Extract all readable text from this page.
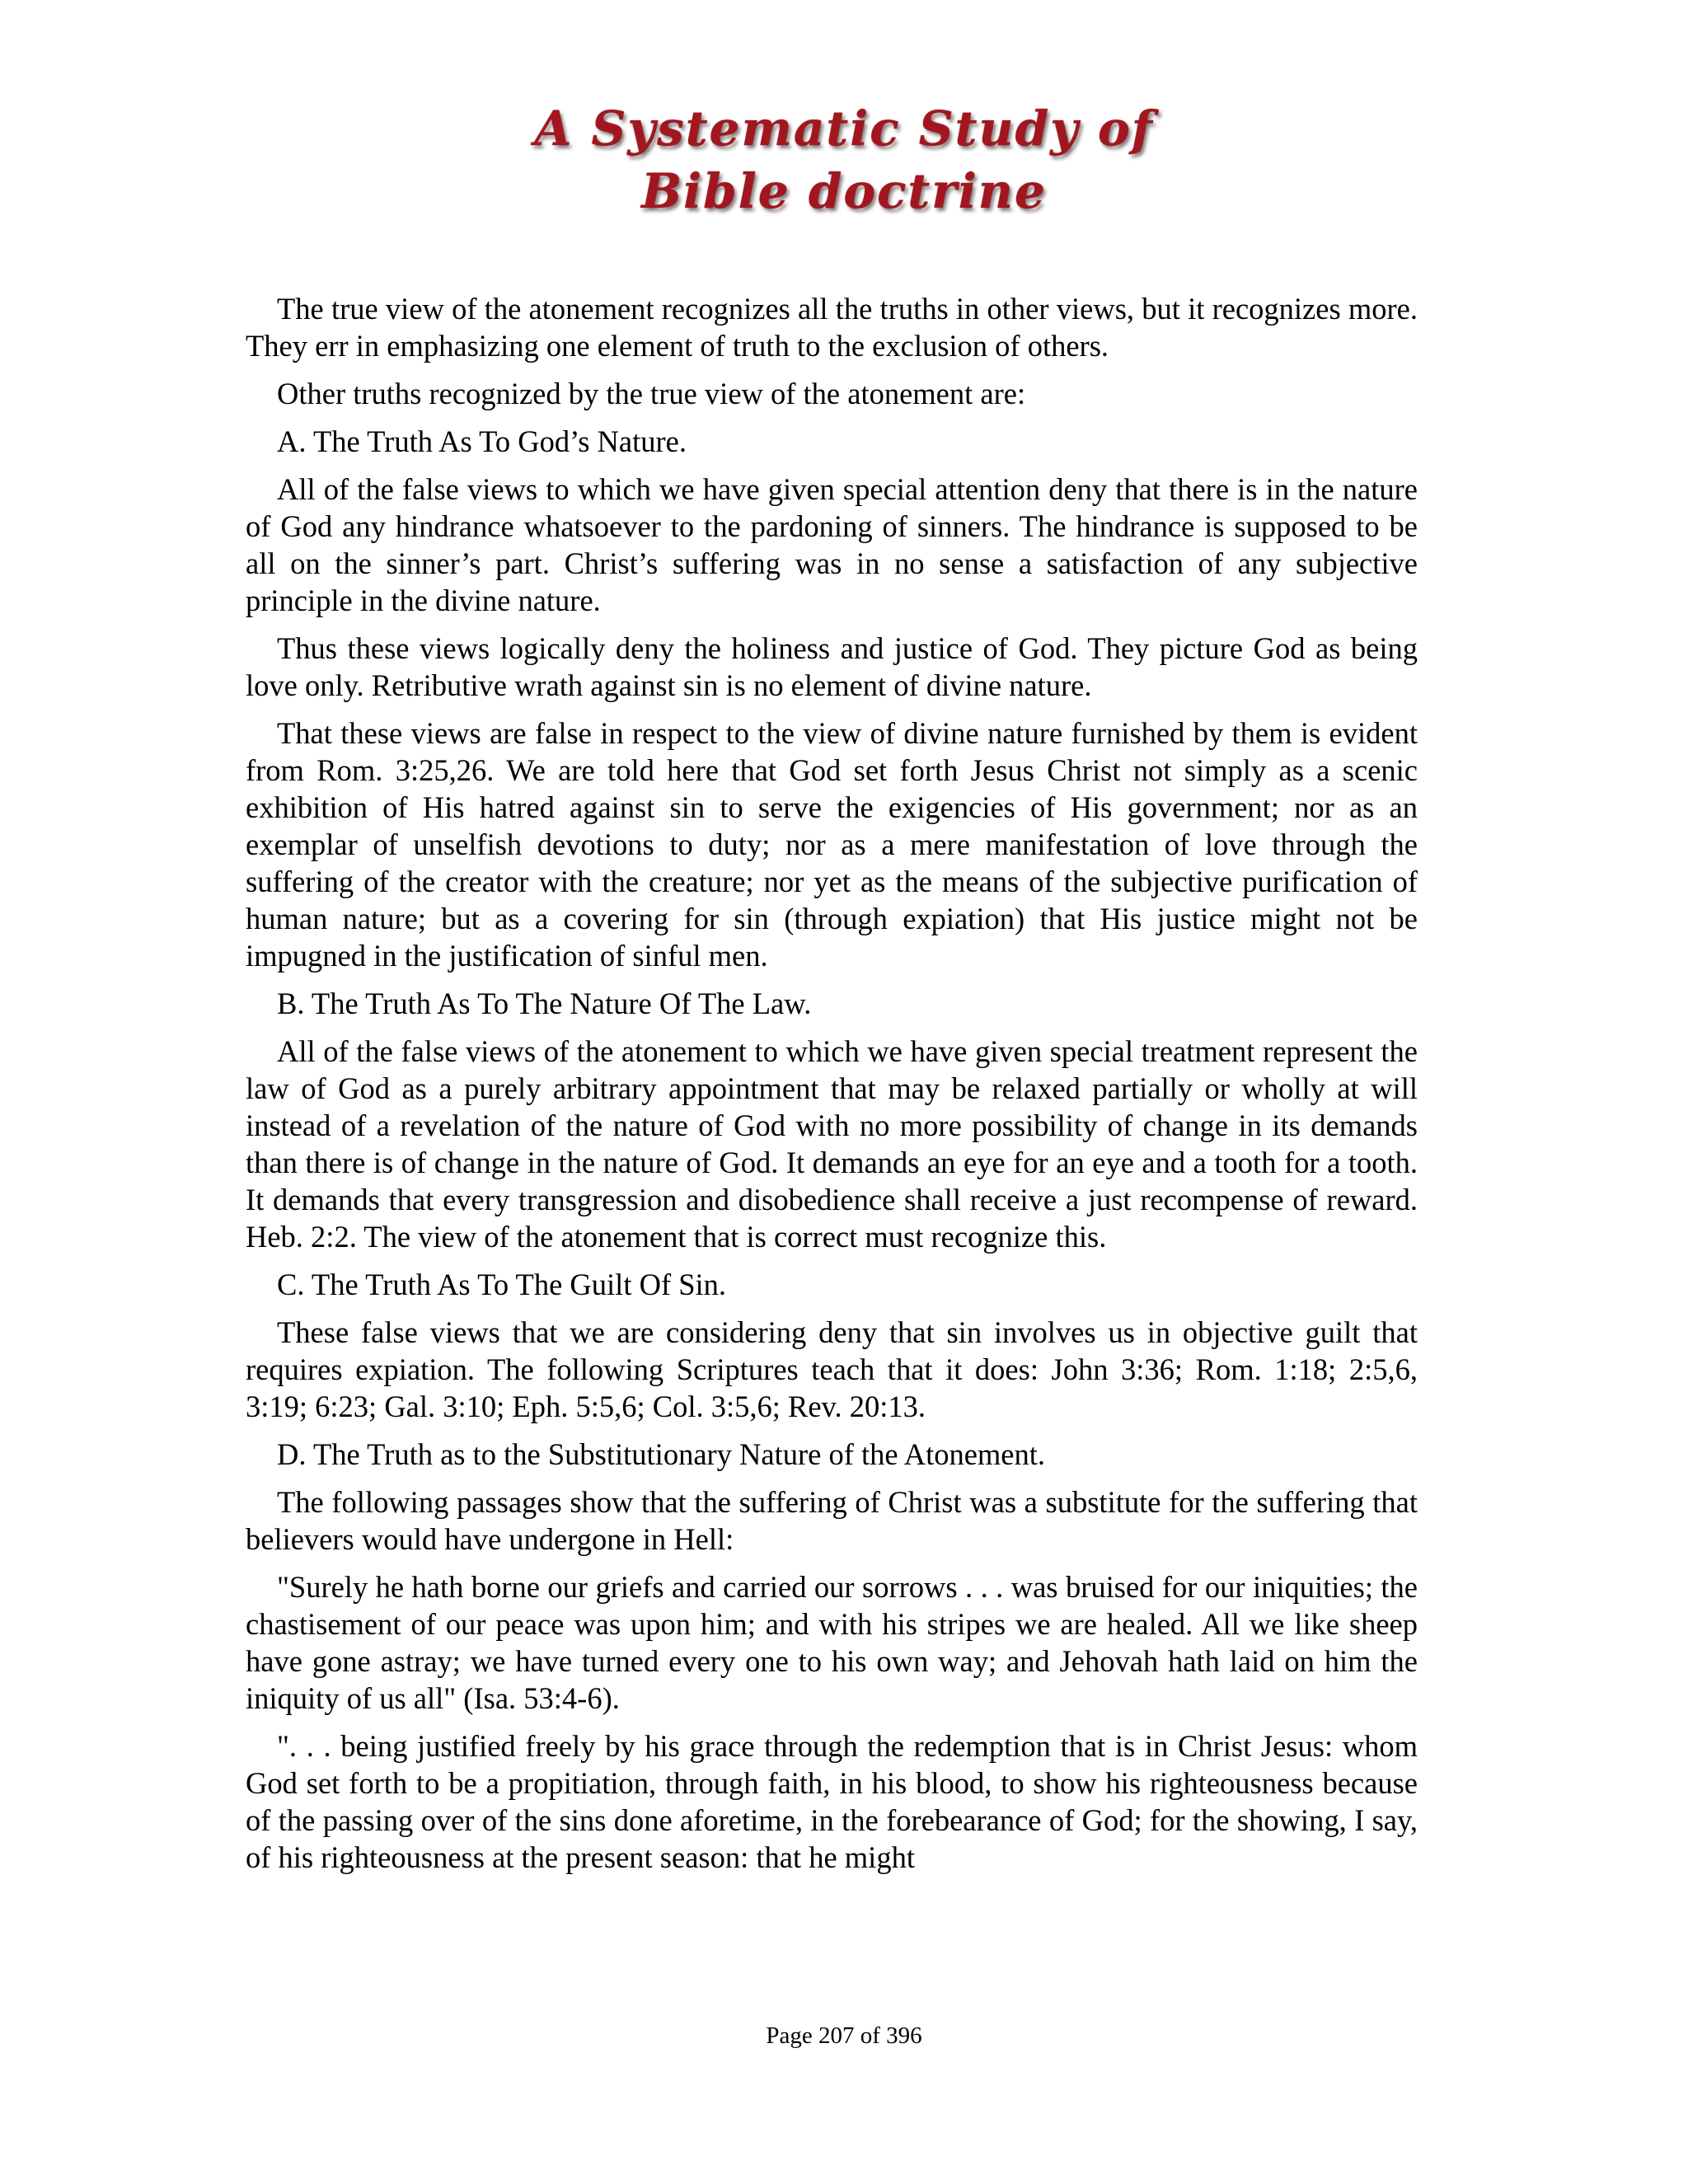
A Systematic Study of
Bible doctrine

The true view of the atonement recognizes all the truths in other views, but it recognizes more. They err in emphasizing one element of truth to the exclusion of others.

Other truths recognized by the true view of the atonement are:

A. The Truth As To God’s Nature.

All of the false views to which we have given special attention deny that there is in the nature of God any hindrance whatsoever to the pardoning of sinners. The hindrance is supposed to be all on the sinner’s part. Christ’s suffering was in no sense a satisfaction of any subjective principle in the divine nature.

Thus these views logically deny the holiness and justice of God. They picture God as being love only. Retributive wrath against sin is no element of divine nature.

That these views are false in respect to the view of divine nature furnished by them is evident from Rom. 3:25,26. We are told here that God set forth Jesus Christ not simply as a scenic exhibition of His hatred against sin to serve the exigencies of His government; nor as an exemplar of unselfish devotions to duty; nor as a mere manifestation of love through the suffering of the creator with the creature; nor yet as the means of the subjective purification of human nature; but as a covering for sin (through expiation) that His justice might not be impugned in the justification of sinful men.

B. The Truth As To The Nature Of The Law.

All of the false views of the atonement to which we have given special treatment represent the law of God as a purely arbitrary appointment that may be relaxed partially or wholly at will instead of a revelation of the nature of God with no more possibility of change in its demands than there is of change in the nature of God. It demands an eye for an eye and a tooth for a tooth. It demands that every transgression and disobedience shall receive a just recompense of reward. Heb. 2:2. The view of the atonement that is correct must recognize this.

C. The Truth As To The Guilt Of Sin.

These false views that we are considering deny that sin involves us in objective guilt that requires expiation. The following Scriptures teach that it does: John 3:36; Rom. 1:18; 2:5,6, 3:19; 6:23; Gal. 3:10; Eph. 5:5,6; Col. 3:5,6; Rev. 20:13.

D. The Truth as to the Substitutionary Nature of the Atonement.

The following passages show that the suffering of Christ was a substitute for the suffering that believers would have undergone in Hell:

"Surely he hath borne our griefs and carried our sorrows . . . was bruised for our iniquities; the chastisement of our peace was upon him; and with his stripes we are healed. All we like sheep have gone astray; we have turned every one to his own way; and Jehovah hath laid on him the iniquity of us all" (Isa. 53:4-6).

". . . being justified freely by his grace through the redemption that is in Christ Jesus: whom God set forth to be a propitiation, through faith, in his blood, to show his righteousness because of the passing over of the sins done aforetime, in the forebearance of God; for the showing, I say, of his righteousness at the present season: that he might

Page 207 of 396
